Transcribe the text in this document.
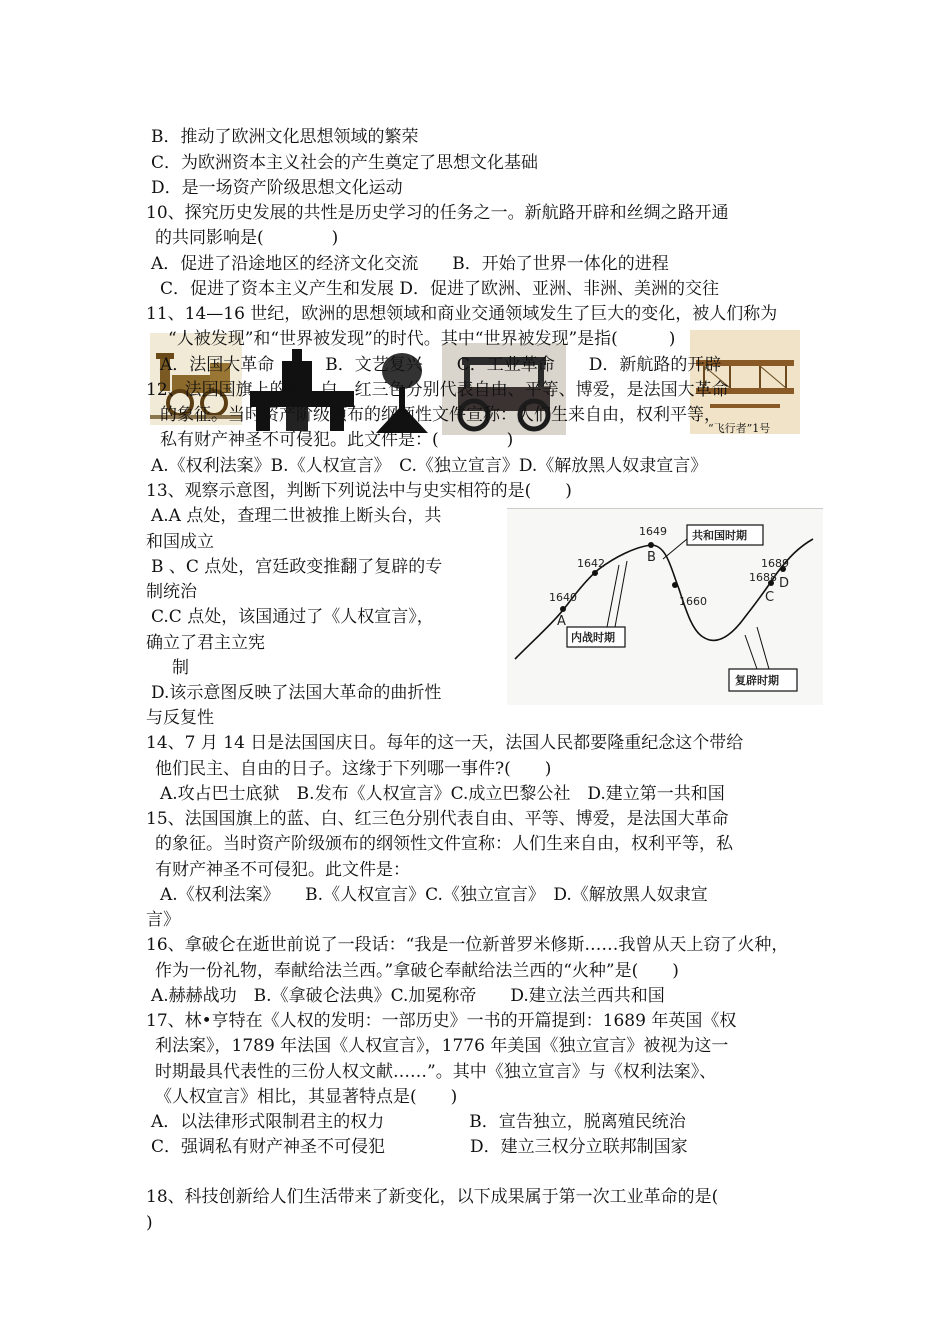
B．推动了欧洲文化思想领域的繁荣
C．为欧洲资本主义社会的产生奠定了思想文化基础
D．是一场资产阶级思想文化运动
10、探究历史发展的共性是历史学习的任务之一。新航路开辟和丝绸之路开通
的共同影响是(　　　　)
A．促进了沿途地区的经济文化交流　　B．开始了世界一体化的进程
C．促进了资本主义产生和发展 D．促进了欧洲、亚洲、非洲、美洲的交往
11、14—16 世纪，欧洲的思想领域和商业交通领域发生了巨大的变化，被人们称为
“飞行者”1号
“人被发现”和“世界被发现”的时代。其中“世界被发现”是指(　　　)
A．法国大革命　　　B．文艺复兴　　C．工业革命　　D．新航路的开辟
12、法国国旗上的蓝、白、红三色分别代表自由、平等、博爱，是法国大革命
的象征。当时资产阶级颁布的纲领性文件宣称：人们生来自由，权利平等，
私有财产神圣不可侵犯。此文件是：(　　　　)
A.《权利法案》B.《人权宣言》　C.《独立宣言》D.《解放黑人奴隶宣言》
13、观察示意图，判断下列说法中与史实相符的是(　　)
A.A 点处，查理二世被推上断头台，共
和国成立
B 、C 点处，宫廷政变推翻了复辟的专
制统治
C.C 点处，该国通过了《人权宣言》，
确立了君主立宪
制
D.该示意图反映了法国大革命的曲折性
与反复性
1640
1642
1649
1660
1688
1689
A
B
C
D
共和国时期
内战时期
复辟时期
14、7 月 14 日是法国国庆日。每年的这一天，法国人民都要隆重纪念这个带给
他们民主、自由的日子。这缘于下列哪一事件?(　　)
A.攻占巴士底狱　B.发布《人权宣言》C.成立巴黎公社　D.建立第一共和国
15、法国国旗上的蓝、白、红三色分别代表自由、平等、博爱，是法国大革命
的象征。当时资产阶级颁布的纲领性文件宣称：人们生来自由，权利平等，私
有财产神圣不可侵犯。此文件是：
A.《权利法案》　　B.《人权宣言》C.《独立宣言》　D.《解放黑人奴隶宣
言》
16、拿破仑在逝世前说了一段话：“我是一位新普罗米修斯……我曾从天上窃了火种，
作为一份礼物，奉献给法兰西。”拿破仑奉献给法兰西的“火种”是(　　)
A.赫赫战功　B.《拿破仑法典》C.加冕称帝　　D.建立法兰西共和国
17、林•亨特在《人权的发明：一部历史》一书的开篇提到：1689 年英国《权
利法案》，1789 年法国《人权宣言》，1776 年美国《独立宣言》被视为这一
时期最具代表性的三份人权文献……”。其中《独立宣言》与《权利法案》、
《人权宣言》相比，其显著特点是(　　)
A．以法律形式限制君主的权力　　　　　B．宣告独立，脱离殖民统治
C．强调私有财产神圣不可侵犯　　　　　D．建立三权分立联邦制国家
18、科技创新给人们生活带来了新变化，以下成果属于第一次工业革命的是(
)
